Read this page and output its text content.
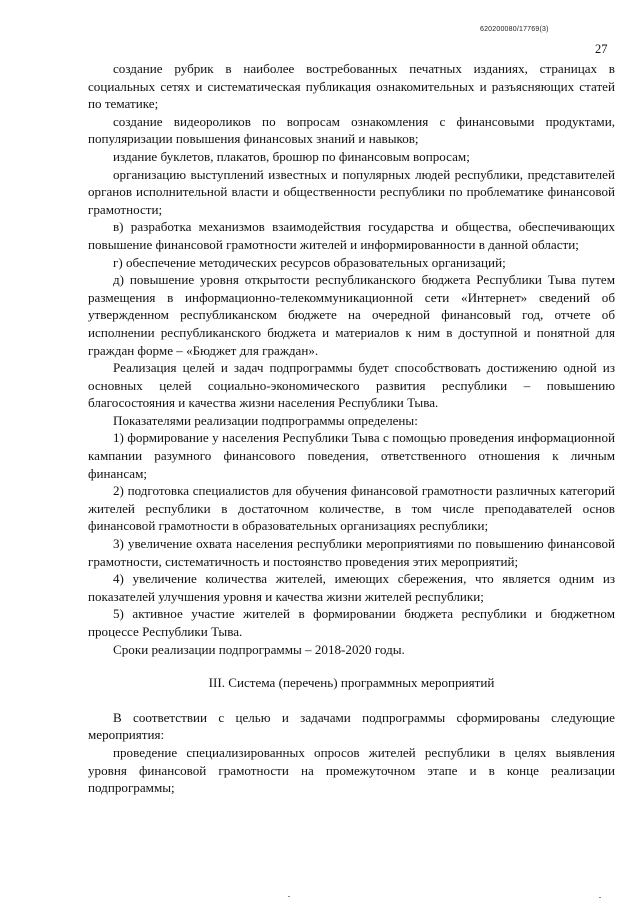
620200080/17769(3)
27

создание рубрик в наиболее востребованных печатных изданиях, страницах в социальных сетях и систематическая публикация ознакомительных и разъясняющих статей по тематике;

создание видеороликов по вопросам ознакомления с финансовыми продуктами, популяризации повышения финансовых знаний и навыков;

издание буклетов, плакатов, брошюр по финансовым вопросам;

организацию выступлений известных и популярных людей республики, представителей органов исполнительной власти и общественности республики по проблематике финансовой грамотности;

в) разработка механизмов взаимодействия государства и общества, обеспечивающих повышение финансовой грамотности жителей и информированности в данной области;

г) обеспечение методических ресурсов образовательных организаций;

д) повышение уровня открытости республиканского бюджета Республики Тыва путем размещения в информационно-телекоммуникационной сети «Интернет» сведений об утвержденном республиканском бюджете на очередной финансовый год, отчете об исполнении республиканского бюджета и материалов к ним в доступной и понятной для граждан форме – «Бюджет для граждан».

Реализация целей и задач подпрограммы будет способствовать достижению одной из основных целей социально-экономического развития республики – повышению благосостояния и качества жизни населения Республики Тыва.

Показателями реализации подпрограммы определены:

1) формирование у населения Республики Тыва с помощью проведения информационной кампании разумного финансового поведения, ответственного отношения к личным финансам;

2) подготовка специалистов для обучения финансовой грамотности различных категорий жителей республики в достаточном количестве, в том числе преподавателей основ финансовой грамотности в образовательных организациях республики;

3) увеличение охвата населения республики мероприятиями по повышению финансовой грамотности, систематичность и постоянство проведения этих мероприятий;

4) увеличение количества жителей, имеющих сбережения, что является одним из показателей улучшения уровня и качества жизни жителей республики;

5) активное участие жителей в формировании бюджета республики и бюджетном процессе Республики Тыва.

Сроки реализации подпрограммы – 2018-2020 годы.

III. Система (перечень) программных мероприятий

В соответствии с целью и задачами подпрограммы сформированы следующие мероприятия:

проведение специализированных опросов жителей республики в целях выявления уровня финансовой грамотности на промежуточном этапе и в конце реализации подпрограммы;
